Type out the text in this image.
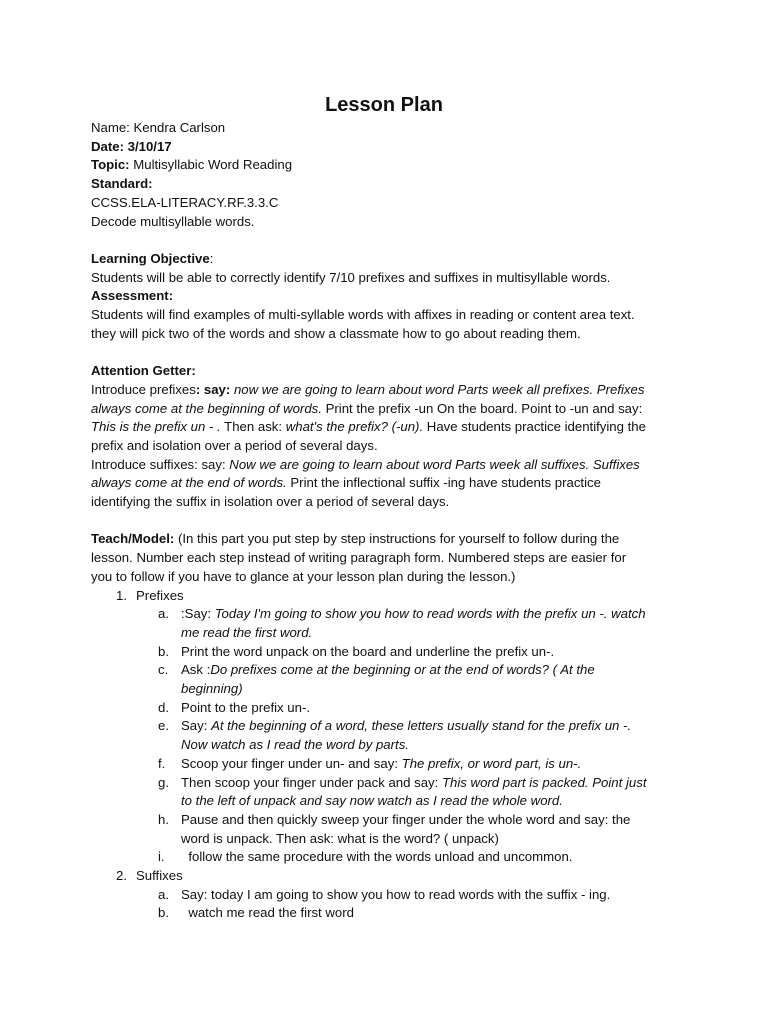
Lesson Plan
Name: Kendra Carlson
Date: 3/10/17
Topic: Multisyllabic Word Reading
Standard:
CCSS.ELA-LITERACY.RF.3.3.C
Decode multisyllable words.
Learning Objective:
Students will be able to correctly identify 7/10 prefixes and suffixes in multisyllable words.
Assessment:
Students will find examples of multi-syllable words with affixes in reading or content area text.
they will pick two of the words and show a classmate how to go about reading them.
Attention Getter:
Introduce prefixes: say: now we are going to learn about word Parts week all prefixes. Prefixes
always come at the beginning of words. Print the prefix -un On the board. Point to -un and say:
This is the prefix un - . Then ask: what's the prefix? (-un). Have students practice identifying the
prefix and isolation over a period of several days.
Introduce suffixes: say: Now we are going to learn about word Parts week all suffixes. Suffixes
always come at the end of words. Print the inflectional suffix -ing have students practice
identifying the suffix in isolation over a period of several days.
Teach/Model: (In this part you put step by step instructions for yourself to follow during the
lesson. Number each step instead of writing paragraph form. Numbered steps are easier for
you to follow if you have to glance at your lesson plan during the lesson.)
1. Prefixes
a. :Say: Today I'm going to show you how to read words with the prefix un -. watch
me read the first word.
b. Print the word unpack on the board and underline the prefix un-.
c. Ask :Do prefixes come at the beginning or at the end of words? ( At the
beginning)
d. Point to the prefix un-.
e. Say: At the beginning of a word, these letters usually stand for the prefix un -.
Now watch as I read the word by parts.
f. Scoop your finger under un- and say: The prefix, or word part, is un-.
g. Then scoop your finger under pack and say: This word part is packed. Point just
to the left of unpack and say now watch as I read the whole word.
h. Pause and then quickly sweep your finger under the whole word and say: the
word is unpack. Then ask: what is the word? ( unpack)
i. follow the same procedure with the words unload and uncommon.
2. Suffixes
a. Say: today I am going to show you how to read words with the suffix - ing.
b. watch me read the first word
